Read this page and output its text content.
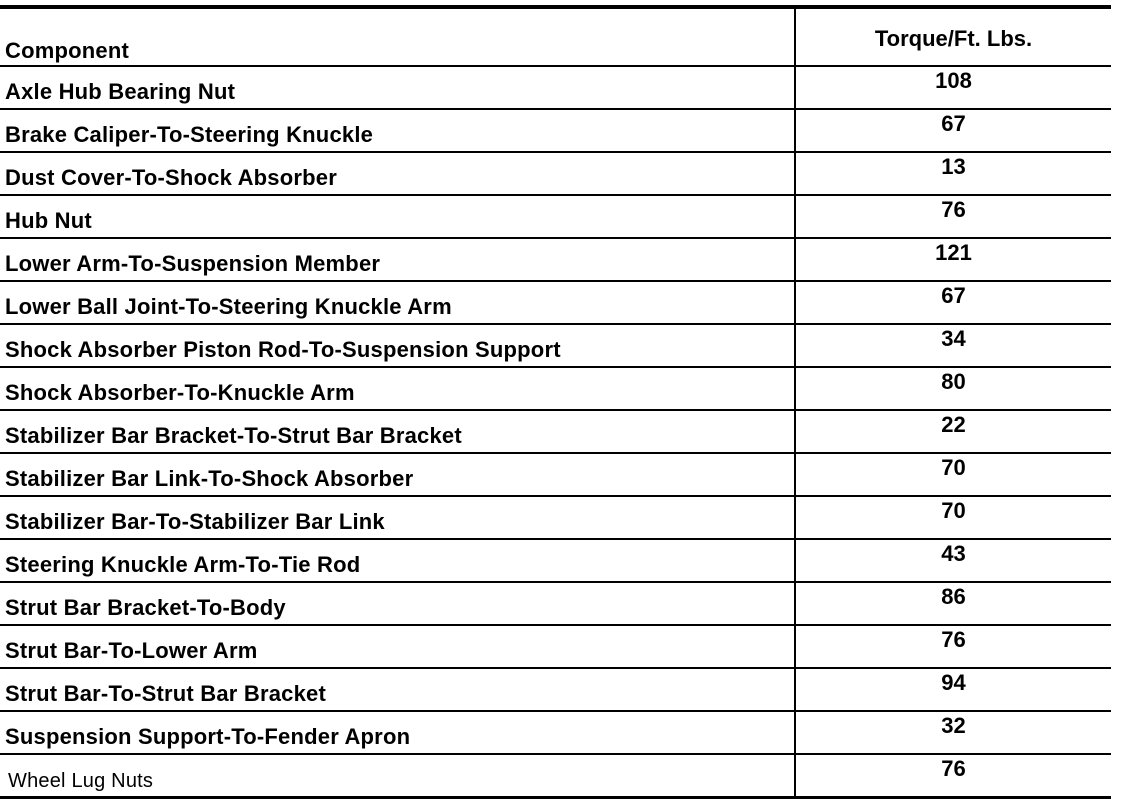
Component	Torque/Ft. Lbs.
Axle Hub Bearing Nut	108
Brake Caliper-To-Steering Knuckle	67
Dust Cover-To-Shock Absorber	13
Hub Nut	76
Lower Arm-To-Suspension Member	121
Lower Ball Joint-To-Steering Knuckle Arm	67
Shock Absorber Piston Rod-To-Suspension Support	34
Shock Absorber-To-Knuckle Arm	80
Stabilizer Bar Bracket-To-Strut Bar Bracket	22
Stabilizer Bar Link-To-Shock Absorber	70
Stabilizer Bar-To-Stabilizer Bar Link	70
Steering Knuckle Arm-To-Tie Rod	43
Strut Bar Bracket-To-Body	86
Strut Bar-To-Lower Arm	76
Strut Bar-To-Strut Bar Bracket	94
Suspension Support-To-Fender Apron	32
Wheel Lug Nuts	76
